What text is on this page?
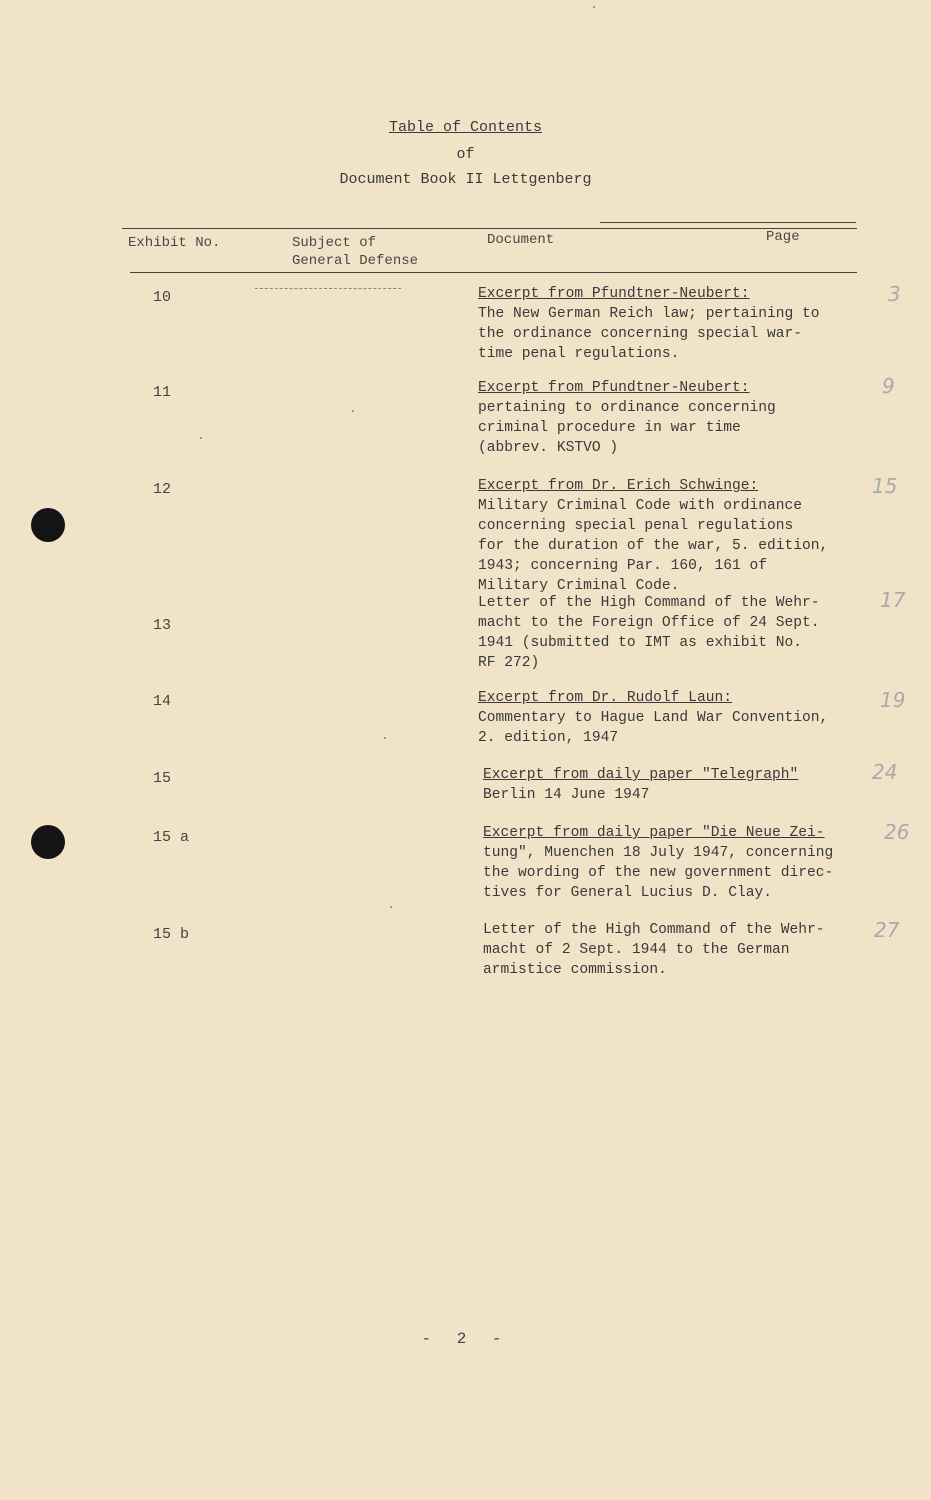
Table of Contents
of
Document Book II Lettgenberg
Exhibit No.	Subject of
General Defense
Document	Page
10
11
12
13
14
15
15 a
15 b
Excerpt from Pfundtner-Neubert:
The New German Reich law; pertaining to
the ordinance concerning special war-
time penal regulations.
Excerpt from Pfundtner-Neubert:
pertaining to ordinance concerning
criminal procedure in war time
(abbrev. KSTVO )
Excerpt from Dr. Erich Schwinge:
Military Criminal Code with ordinance
concerning special penal regulations
for the duration of the war, 5. edition,
1943; concerning Par. 160, 161 of
Military Criminal Code.
Letter of the High Command of the Wehr-
macht to the Foreign Office of 24 Sept.
1941 (submitted to IMT as exhibit No.
RF 272)
Excerpt from Dr. Rudolf Laun:
Commentary to Hague Land War Convention,
2. edition, 1947
Excerpt from daily paper "Telegraph"
Berlin 14 June 1947
Excerpt from daily paper "Die Neue Zei-
tung", Muenchen 18 July 1947, concerning
the wording of the new government direc-
tives for General Lucius D. Clay.
Letter of the High Command of the Wehr-
macht of 2 Sept. 1944 to the German
armistice commission.
3
9
15
17
19
24
26
27
- 2 -
